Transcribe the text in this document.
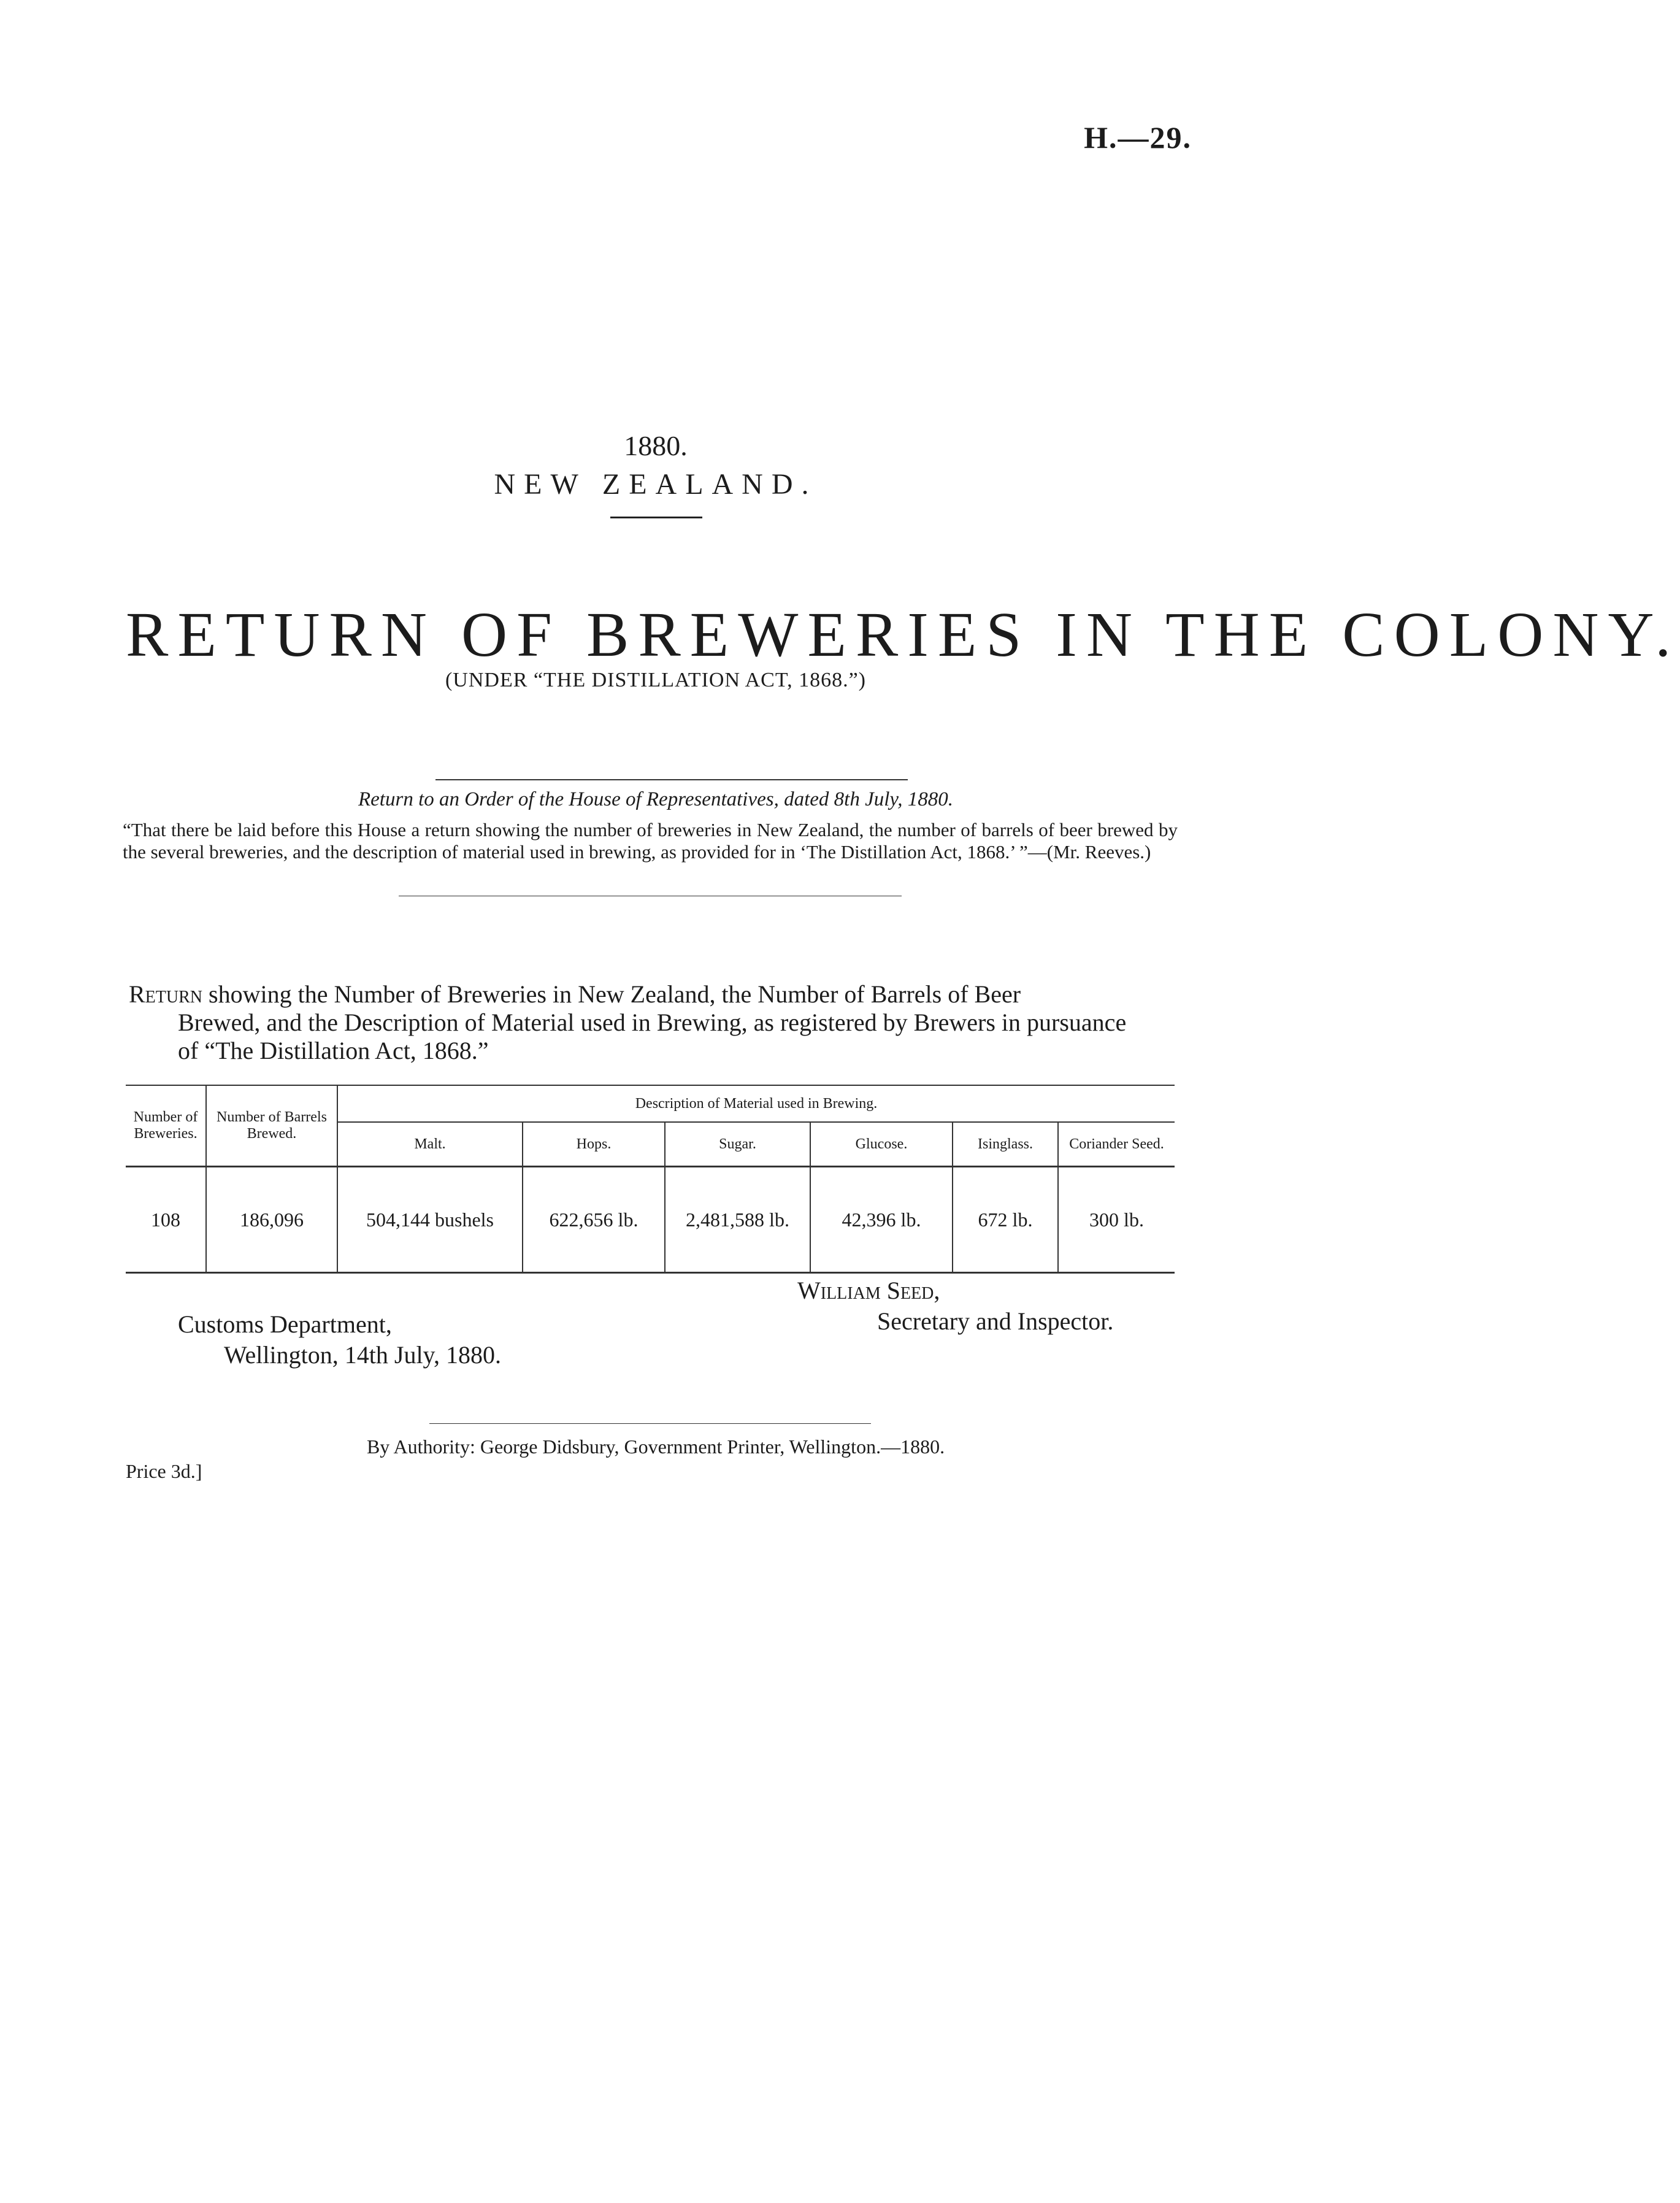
H.—29.
1880.
NEW ZEALAND.
RETURN OF BREWERIES IN THE COLONY.
(UNDER “THE DISTILLATION ACT, 1868.”)
Return to an Order of the House of Representatives, dated 8th July, 1880.
“That there be laid before this House a return showing the number of breweries in New Zealand, the number of barrels of beer brewed by the several breweries, and the description of material used in brewing, as provided for in ‘The Distillation Act, 1868.’ ”—(Mr. Reeves.)
Return showing the Number of Breweries in New Zealand, the Number of Barrels of Beer
Brewed, and the Description of Material used in Brewing, as registered by Brewers in pursuance
of “The Distillation Act, 1868.”
Number of Breweries.	Number of Barrels Brewed.	Description of Material used in Brewing.					
		Malt.	Hops.	Sugar.	Glucose.	Isinglass.	Coriander Seed.
108	186,096	504,144 bushels	622,656 lb.	2,481,588 lb.	42,396 lb.	672 lb.	300 lb.
William Seed,
Secretary and Inspector.
Customs Department,
Wellington, 14th July, 1880.
By Authority: George Didsbury, Government Printer, Wellington.—1880.
Price 3d.]
